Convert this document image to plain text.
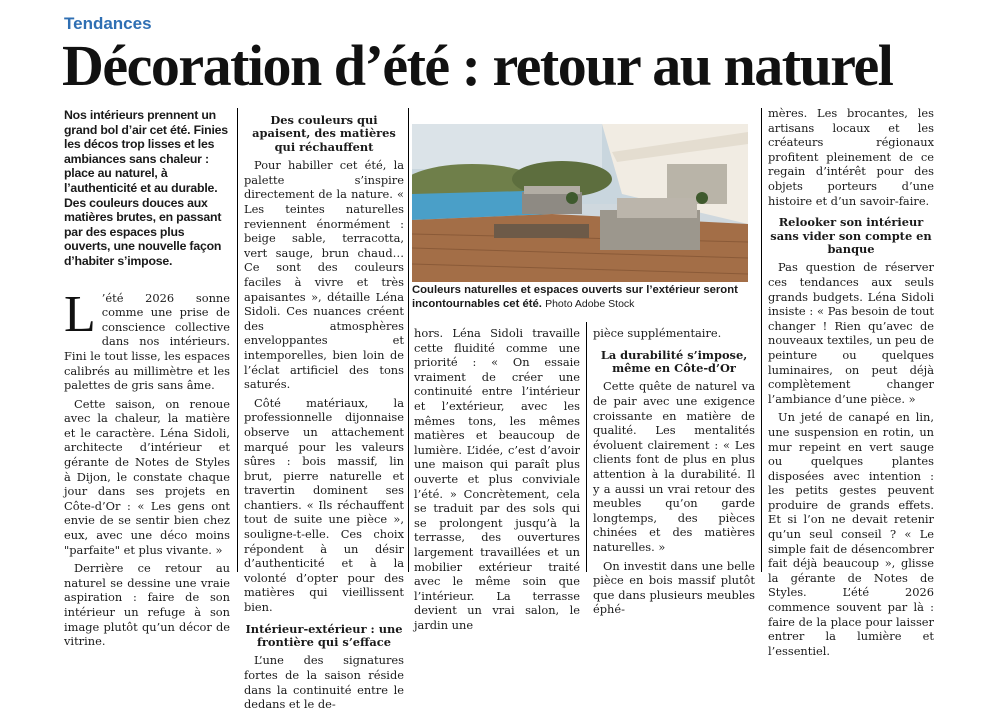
Tendances
Décoration d’été : retour au naturel

Nos intérieurs prennent un grand bol d’air cet été. Finies les décos trop lisses et les ambiances sans chaleur : place au naturel, à l’authenticité et au durable. Des couleurs douces aux matières brutes, en passant par des espaces plus ouverts, une nouvelle façon d’habiter s’impose.

L ’été 2026 sonne comme une prise de conscience collective dans nos intérieurs. Fini le tout lisse, les espaces calibrés au millimètre et les palettes de gris sans âme.

Cette saison, on renoue avec la chaleur, la matière et le caractère. Léna Sidoli, architecte d’intérieur et gérante de Notes de Styles à Dijon, le constate chaque jour dans ses projets en Côte-d’Or : « Les gens ont envie de se sentir bien chez eux, avec une déco moins "parfaite" et plus vivante. »

Derrière ce retour au naturel se dessine une vraie aspiration : faire de son intérieur un refuge à son image plutôt qu’un décor de vitrine.

Des couleurs qui apaisent, des matières qui réchauffent

Pour habiller cet été, la palette s’inspire directement de la nature. « Les teintes naturelles reviennent énormément : beige sable, terracotta, vert sauge, brun chaud… Ce sont des couleurs faciles à vivre et très apaisantes », détaille Léna Sidoli. Ces nuances créent des atmosphères enveloppantes et intemporelles, bien loin de l’éclat artificiel des tons saturés.

Côté matériaux, la professionnelle dijonnaise observe un attachement marqué pour les valeurs sûres : bois massif, lin brut, pierre naturelle et travertin dominent ses chantiers. « Ils réchauffent tout de suite une pièce », souligne-t-elle. Ces choix répondent à un désir d’authenticité et à la volonté d’opter pour des matières qui vieillissent bien.

Intérieur-extérieur : une frontière qui s’efface

L’une des signatures fortes de la saison réside dans la continuité entre le dedans et le de-

Couleurs naturelles et espaces ouverts sur l’extérieur seront incontournables cet été. Photo Adobe Stock

hors. Léna Sidoli travaille cette fluidité comme une priorité : « On essaie vraiment de créer une continuité entre l’intérieur et l’extérieur, avec les mêmes tons, les mêmes matières et beaucoup de lumière. L’idée, c’est d’avoir une maison qui paraît plus ouverte et plus conviviale l’été. » Concrètement, cela se traduit par des sols qui se prolongent jusqu’à la terrasse, des ouvertures largement travaillées et un mobilier extérieur traité avec le même soin que l’intérieur. La terrasse devient un vrai salon, le jardin une

pièce supplémentaire.

La durabilité s’impose, même en Côte-d’Or

Cette quête de naturel va de pair avec une exigence croissante en matière de qualité. Les mentalités évoluent clairement : « Les clients font de plus en plus attention à la durabilité. Il y a aussi un vrai retour des meubles qu’on garde longtemps, des pièces chinées et des matières naturelles. »

On investit dans une belle pièce en bois massif plutôt que dans plusieurs meubles éphé-

mères. Les brocantes, les artisans locaux et les créateurs régionaux profitent pleinement de ce regain d’intérêt pour des objets porteurs d’une histoire et d’un savoir-faire.

Relooker son intérieur sans vider son compte en banque

Pas question de réserver ces tendances aux seuls grands budgets. Léna Sidoli insiste : « Pas besoin de tout changer ! Rien qu’avec de nouveaux textiles, un peu de peinture ou quelques luminaires, on peut déjà complètement changer l’ambiance d’une pièce. »

Un jeté de canapé en lin, une suspension en rotin, un mur repeint en vert sauge ou quelques plantes disposées avec intention : les petits gestes peuvent produire de grands effets. Et si l’on ne devait retenir qu’un seul conseil ? « Le simple fait de désencombrer fait déjà beaucoup », glisse la gérante de Notes de Styles. L’été 2026 commence souvent par là : faire de la place pour laisser entrer la lumière et l’essentiel.
